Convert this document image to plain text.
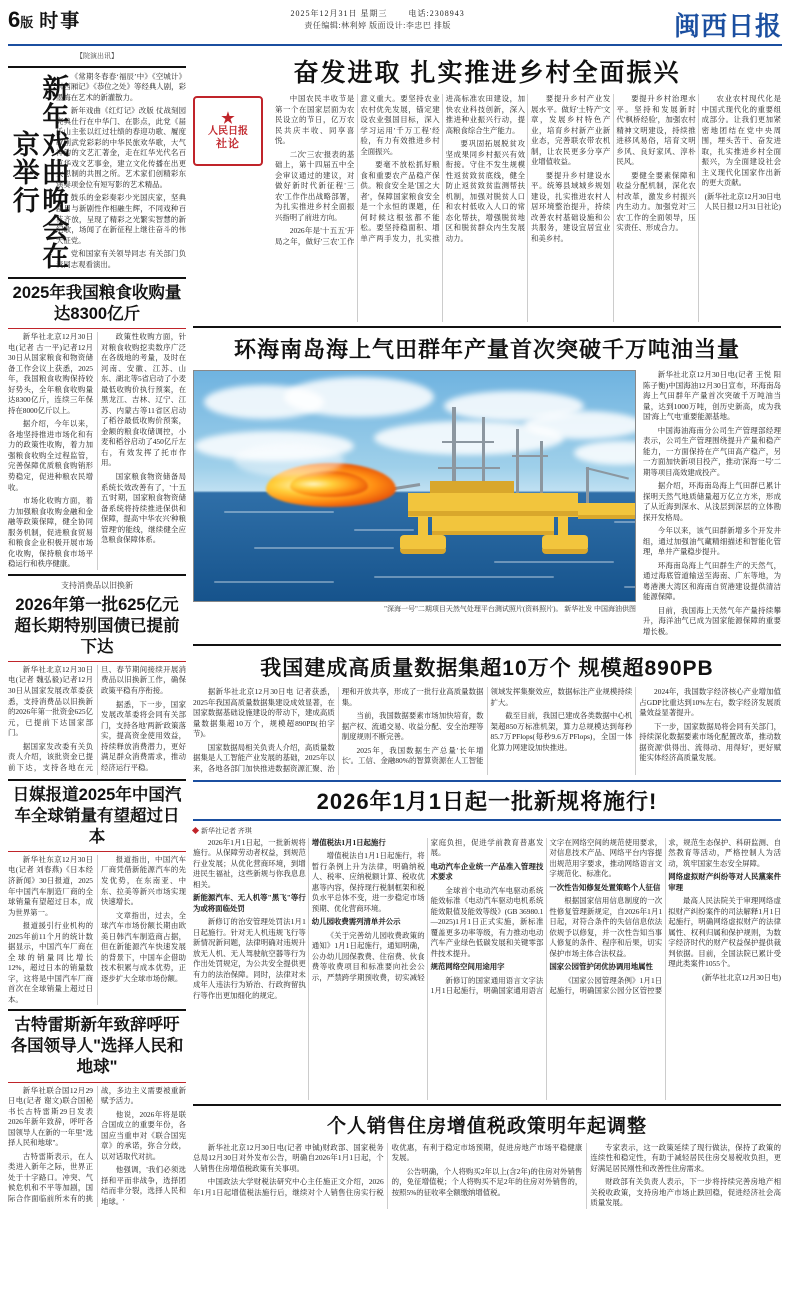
6版 时事	2025年12月31日 星期三	电话:2308943
责任编辑:林利婷 版面设计:李忠巴 排版	闽西日报
【院演出讯】
新年戏曲晚会在京举行

《常期冬春春‘福辰’中》《空城计》《西厢记》《恭位之处》等经典人剧，彩墨梅在艺术的新灌散力。

新年戏曲《红灯记》改版 仗战刻园亮典仕行在中华门、在影点，此党《届乐山主张以红过壮绩的春迎功歌、履度歌剧武党彩彩的中华民旅欢华歌，大气神韵的文艺汇著金，走在红华光代名百京华戏文艺事金，建立文化传播在出更大思制的共围之所。艺术家们创精彩东演奏项金位有短写影的艺术精品。

鼓乐的金彩奏彩少光国庆家，坚典剧目与新剧性作相融生辉，不同戏种百花齐放，呈现了精彩之光繁实智慧的新纪歌，场闻了在新征程上继往奋斗的伟大征党。

党和国家有关领导同志 有关部门负责同志观看演出。

2025年我国粮食收购量达8300亿斤

新华社北京12月30日电(记者 古一平)记者12月30日从国家粮食和物资储备工作会议上获悉，2025年，我国粮食收购保持较好势头，全年粮食收购量达8300亿斤，连续三年保持在8000亿斤以上。

据介绍，今年以来，各地坚持推进市场化和有力的政策性收购，着力加强粮食收购全过程监管，完善保障优质粮食购销形势稳定，促进种粮农民增收。

市场化收购方面，着力加强粮食收购金融和金融等政策保障，健全协同服务机制，促进粮食贸易和粮食企业积极开展市场化收购，保持粮食市场平稳运行和秩序健康。

政策性收购方面，针对粮食收购挖卖数序广泛在各级地的考量，及时在河南、安徽、江苏、山东、湖北等5省启动了小麦最低收购价执行预案，在黑龙江、吉林、辽宁、江苏、内蒙古等11省区启动了稻谷最低收购价预案，金额的粮食收储调控，小麦和稻谷启动了450亿斤左右，有效发挥了托市作用。

国家粮食物资储备局系统长效改善有了，'十五五'时期，国家粮食物资储备系统将持续推进保供和保障，提高'中华农兴'种粮管理'的能线，继续健全应急粮食保障体系。

支持消费品以旧换新
2026年第一批625亿元超长期特别国债已提前下达

新华社北京12月30日电(记者 魏弘毅)记者12月30日从国家发展改革委获悉，支持消费品以旧换新的2026年第一批资金625亿元，已提前下达国家部门。

据国家发改委有关负责人介绍，该批资金已提前下达，支持各地在元旦、春节期间接续开展消费品以旧换新工作，确保政策平稳有序衔接。

据悉，下一步，国家发展改革委将会同有关部门，支持各地'两新'政策落实，提高资金使用效益，持续释放消费潜力，更好满足群众消费需求，推动经济运行平稳。

日媒报道2025年中国汽车全球销量有望超过日本

新华社东京12月30日电(记者 刘春燕)《日本经济新闻》30日报道，2025年中国汽车制造厂商的全球销量有望超过日本，成为世界第一。

报道援引行业机构的2025年前11个月的统计数据显示，中国汽车厂商在全球的销量同比增长12%，超过日本的销量数字，这将是中国汽车厂商首次在全球销量上超过日本。

报道指出，中国汽车厂商凭借新能源汽车的先发优势，在东南亚、中东、拉美等新兴市场实现快速增长。

文章指出，过去，全球汽车市场份额长期由欧美日韩汽车制造商占据，但在新能源汽车快速发展的背景下，中国车企借助技术积累与成本优势，正逐步扩大全球市场份额。

古特雷斯新年致辞呼吁各国领导人"选择人民和地球"

新华社联合国12月29日电(记者 谢文)联合国秘书长古特雷斯29日发表2026年新年致辞，呼吁各国领导人在新的一年里"选择人民和地球"。

古特雷斯表示，在人类进入新年之际，世界正处于十字路口。冲突、气候危机和不平等加剧，国际合作面临前所未有的挑战，多边主义需要被重新赋予活力。

他说，2026年将是联合国成立的重要年份，各国应当重申对《联合国宪章》的承诺，弥合分歧，以对话取代对抗。

他强调，'我们必须选择和平而非战争，选择团结而非分裂，选择人民和地球。'

奋发进取 扎实推进乡村全面振兴
★
人民日报
社论

中国农民丰收节是第一个在国家层面为农民设立的节日，亿万农民共庆丰收、同享喜悦。

二次'三农'报表的基础上，第十四届五中全会审议通过的建议，对做好新时代新征程'三农'工作作出战略部署，为扎实推进乡村全面振兴指明了前进方向。

2026年是'十五五'开局之年，做好'三农'工作意义重大。要坚持农业农村优先发展，锚定建设农业强国目标，深入学习运用'千万工程'经验，有力有效推进乡村全面振兴。

要毫不放松抓好粮食和重要农产品稳产保供。粮食安全是'国之大者'，保障国家粮食安全是一个永恒的课题，任何时候这根弦都不能松。要坚持稳面积、增单产两手发力，扎实推进高标准农田建设，加快农业科技创新，深入推进种业振兴行动，提高粮食综合生产能力。

要巩固拓展脱贫攻坚成果同乡村振兴有效衔接。守住不发生规模性返贫致贫底线，健全防止返贫致贫监测帮扶机制，加强对脱贫人口和农村低收入人口的常态化帮扶，增强脱贫地区和脱贫群众内生发展动力。

要提升乡村产业发展水平。做好'土特产'文章，发展乡村特色产业，培育乡村新产业新业态，完善联农带农机制，让农民更多分享产业增值收益。

要提升乡村建设水平。统筹县域城乡规划建设，扎实推进农村人居环境整治提升，持续改善农村基础设施和公共服务，建设宜居宜业和美乡村。

要提升乡村治理水平。坚持和发展新时代'枫桥经验'，加强农村精神文明建设，持续推进移风易俗，培育文明乡风、良好家风、淳朴民风。

要健全要素保障和收益分配机制，深化农村改革，激发乡村振兴内生动力。加强党对'三农'工作的全面领导，压实责任、形成合力。

农业农村现代化是中国式现代化的重要组成部分。让我们更加紧密地团结在党中央周围，埋头苦干、奋发进取，扎实推进乡村全面振兴，为全面建设社会主义现代化国家作出新的更大贡献。

(新华社北京12月30日电 人民日报12月31日社论)

环海南岛海上气田群年产量首次突破千万吨油当量
"深海一号"二期项目天然气处理平台测试照片(资料照片)。 新华社发 中国海油供图

新华社北京12月30日电(记者 王悦 阳 陈子衡)中国海油12月30日宣布，环海南岛海上气田群年产量首次突破千万吨油当量，达到1000万吨，创历史新高，成为我国'海上气电'重要能源基地。

中国海油海南分公司生产管理部经理表示，公司生产管理围绕提升产量和稳产能力，一方面保持在产气田高产稳产，另一方面加快新项目投产，推动'深海一号'二期等项目高效建成投产。

据介绍，环海南岛海上气田群已累计探明天然气地质储量超万亿立方米，形成了从近海到深水、从浅层到深层的立体勘探开发格局。

今年以来，该气田群新增多个开发井组，通过加强油气藏精细描述和智能化管理，单井产量稳步提升。

环海南岛海上气田群生产的天然气，通过海底管道输送至海南、广东等地，为粤港澳大湾区和海南自贸港建设提供清洁能源保障。

目前，我国海上天然气年产量持续攀升，海洋油气已成为国家能源保障的重要增长极。

我国建成高质量数据集超10万个 规模超890PB

据新华社北京12月30日电 记者获悉，2025年我国高质量数据集建设成效显著，在国家数据基础设施建设的带动下，建成高质量数据集超10万个，规模超890PB(拍字节)。

国家数据局相关负责人介绍，高质量数据集是人工智能产业发展的基础，2025年以来，各地各部门加快推进数据资源汇聚、治理和开放共享，形成了一批行业高质量数据集。

当前，我国数据要素市场加快培育，数据产权、流通交易、收益分配、安全治理等制度规则不断完善。

2025年，我国数据生产总量'长年增长'。工信、金融80%的智算资源在人工智能领域发挥集聚效应，数据标注产业规模持续扩大。

截至目前，我国已建成各类数据中心机架超850万标准机架，算力总规模达到每秒85.7万PFlops(每秒9.6万PFlops)，全国一体化算力网建设加快推进。

2024年，我国数字经济核心产业增加值占GDP比重达到10%左右，数字经济发展质量效益显著提升。

下一步，国家数据局将会同有关部门，持续深化数据要素市场化配置改革，推动数据资源'供得出、流得动、用得好'，更好赋能实体经济高质量发展。

2026年1月1日起一批新规将施行!
新华社记者 齐琪

2026年1月1日起，一批新规将施行。从保障劳动者权益，到规范行业发展；从优化营商环境，到增进民生福祉，这些新规与你我息息相关。

新能源汽车、无人机等"黑飞"等行为或将面临处罚

新修订的治安管理处罚法1月1日起施行。针对无人机违规飞行等新情况新问题，法律明确对违规升放无人机、无人驾驶航空器等行为作出处罚规定，为公共安全提供更有力的法治保障。同时，法律对未成年人违法行为矫治、行政拘留执行等作出更加细化的规定。

增值税法1月1日起施行

增值税法自1月1日起施行，将暂行条例上升为法律，明确纳税人、税率、应纳税额计算、税收优惠等内容，保持现行税制框架和税负水平总体不变，进一步稳定市场预期、优化营商环境。

幼儿园收费需列清单并公示

《关于完善幼儿园收费政策的通知》1月1日起施行，通知明确，公办幼儿园保教费、住宿费、伙食费等收费项目和标准要向社会公示，严禁跨学期预收费，切实减轻家庭负担，促进学前教育普惠发展。

电动汽车企业统一产品准入管理技术要求

全球首个电动汽车电驱动系统能效标准《电动汽车驱动电机系统能效限值及能效等级》(GB 36980.1—2025)1月1日正式实施，新标准覆盖更多功率等级，有力推动电动汽车产业绿色低碳发展和关键零部件技术提升。

规范网络空间用途用字

新修订的国家通用语言文字法1月1日起施行，明确国家通用语言文字在网络空间的规范使用要求，对信息技术产品、网络平台内容提出规范用字要求，推动网络语言文字规范化、标准化。

一次性告知修复处置策略个人征信

根据国家信用信息制度的一次性修复管理新规定，自2026年1月1日起，对符合条件的失信信息依法依规予以修复，并一次性告知当事人修复的条件、程序和后果，切实保护市场主体合法权益。

国家公园管护闭优协调用地属性

《国家公园管理条例》1月1日起施行，明确国家公园分区管控要求，规范生态保护、科研监测、自然教育等活动，严格控制人为活动，筑牢国家生态安全屏障。

网络虚拟财产纠纷等对人民黨案件审理

最高人民法院关于审理网络虚拟财产纠纷案件的司法解释1月1日起施行，明确网络虚拟财产的法律属性、权利归属和保护规则，为数字经济时代的财产权益保护提供裁判依据。目前，全国法院已累计受理此类案件1055个。

(新华社北京12月30日电)

个人销售住房增值税政策明年起调整

新华社北京12月30日电(记者 申铖)财政部、国家税务总局12月30日对外发布公告，明确自2026年1月1日起，个人销售住房增值税政策有关事项。

中国政法大学财税法研究中心主任施正文介绍，2026年1月1日起增值税法施行后，继续对个人销售住房实行税收优惠，有利于稳定市场预期，促进房地产市场平稳健康发展。

公告明确，个人将购买2年以上(含2年)的住房对外销售的，免征增值税；个人将购买不足2年的住房对外销售的，按照5%的征收率全额缴纳增值税。

专家表示，这一政策延续了现行做法，保持了政策的连续性和稳定性，有助于减轻居民住房交易税收负担，更好满足居民刚性和改善性住房需求。

财政部有关负责人表示，下一步将持续完善房地产相关税收政策，支持房地产市场止跌回稳，促进经济社会高质量发展。
